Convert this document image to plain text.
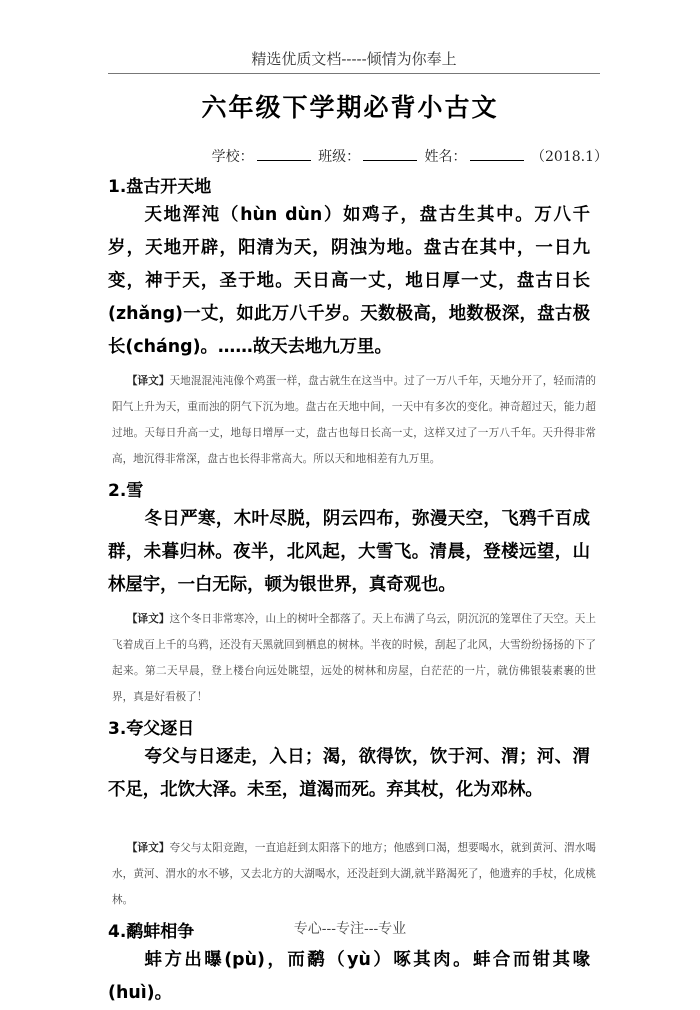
精选优质文档-----倾情为你奉上
六年级下学期必背小古文
学校：	班级：	姓名：	（2018.1）
1.盘古开天地

天地浑沌（hùn dùn）如鸡子，盘古生其中。万八千岁，天地开辟，阳清为天，阴浊为地。盘古在其中，一日九变，神于天，圣于地。天日高一丈，地日厚一丈，盘古日长(zhǎng)一丈，如此万八千岁。天数极高，地数极深，盘古极长(cháng)。……故天去地九万里。

【译文】天地混混沌沌像个鸡蛋一样，盘古就生在这当中。过了一万八千年，天地分开了，轻而清的阳气上升为天，重而浊的阴气下沉为地。盘古在天地中间，一天中有多次的变化。神奇超过天，能力超过地。天每日升高一丈，地每日增厚一丈，盘古也每日长高一丈，这样又过了一万八千年。天升得非常高，地沉得非常深，盘古也长得非常高大。所以天和地相差有九万里。

2.雪

冬日严寒，木叶尽脱，阴云四布，弥漫天空，飞鸦千百成群，未暮归林。夜半，北风起，大雪飞。清晨，登楼远望，山林屋宇，一白无际，顿为银世界，真奇观也。

【译文】这个冬日非常寒冷，山上的树叶全都落了。天上布满了乌云，阴沉沉的笼罩住了天空。天上飞着成百上千的乌鸦，还没有天黑就回到栖息的树林。半夜的时候，刮起了北风，大雪纷纷扬扬的下了起来。第二天早晨，登上楼台向远处眺望，远处的树林和房屋，白茫茫的一片，就仿佛银装素裹的世界，真是好看极了！

3.夸父逐日

夸父与日逐走，入日；渴，欲得饮，饮于河、渭；河、渭不足，北饮大泽。未至，道渴而死。弃其杖，化为邓林。

【译文】夸父与太阳竞跑，一直追赶到太阳落下的地方；他感到口渴，想要喝水，就到黄河、渭水喝水，黄河、渭水的水不够，又去北方的大湖喝水，还没赶到大湖,就半路渴死了，他遗弃的手杖，化成桃林。

4.鹬蚌相争

蚌方出曝(pù)，而鹬（yù）啄其肉。蚌合而钳其喙(huì)。

专心---专注---专业
